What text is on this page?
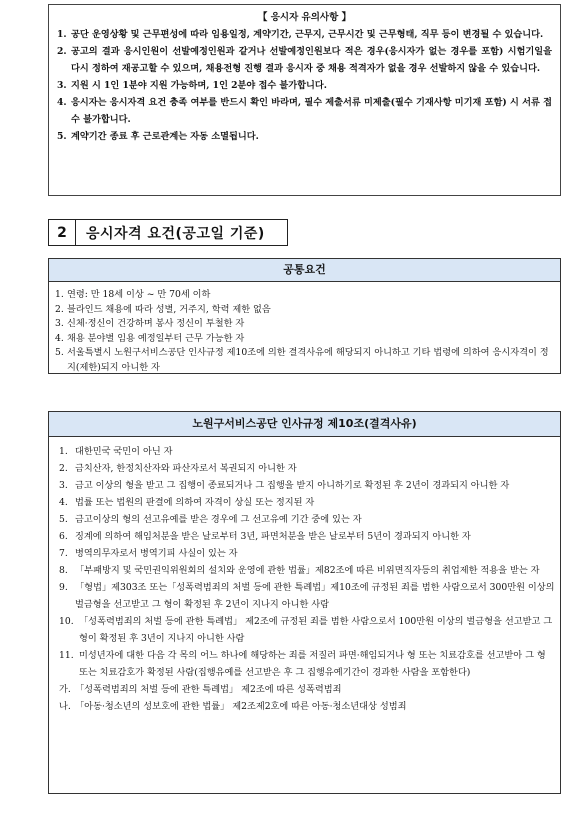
【 응시자 유의사항 】
1. 공단 운영상황 및 근무편성에 따라 임용일정, 계약기간, 근무지, 근무시간 및 근무형태, 직무 등이 변경될 수 있습니다.
2. 공고의 결과 응시인원이 선발예정인원과 같거나 선발예정인원보다 적은 경우(응시자가 없는 경우를 포함) 시험기일을 다시 정하여 재공고할 수 있으며, 채용전형 진행 결과 응시자 중 채용 적격자가 없을 경우 선발하지 않을 수 있습니다.
3. 지원 시 1인 1분야 지원 가능하며, 1인 2분야 접수 불가합니다.
4. 응시자는 응시자격 요건 충족 여부를 반드시 확인 바라며, 필수 제출서류 미제출(필수 기재사항 미기재 포함) 시 서류 접수 불가합니다.
5. 계약기간 종료 후 근로관계는 자동 소멸됩니다.
2	응시자격 요건(공고일 기준)
공통요건
1. 연령: 만 18세 이상 ~ 만 70세 이하
2. 블라인드 채용에 따라 성별, 거주지, 학력 제한 없음
3. 신체·정신이 건강하며 봉사 정신이 투철한 자
4. 채용 분야별 임용 예정일부터 근무 가능한 자
5. 서울특별시 노원구서비스공단 인사규정 제10조에 의한 결격사유에 해당되지 아니하고 기타 법령에 의하여 응시자격이 정지(제한)되지 아니한 자
노원구서비스공단 인사규정 제10조(결격사유)
1. 대한민국 국민이 아닌 자
2. 금치산자, 한정치산자와 파산자로서 복권되지 아니한 자
3. 금고 이상의 형을 받고 그 집행이 종료되거나 그 집행을 받지 아니하기로 확정된 후 2년이 경과되지 아니한 자
4. 법률 또는 법원의 판결에 의하여 자격이 상실 또는 정지된 자
5. 금고이상의 형의 선고유예를 받은 경우에 그 선고유예 기간 중에 있는 자
6. 징계에 의하여 해임처분을 받은 날로부터 3년, 파면처분을 받은 날로부터 5년이 경과되지 아니한 자
7. 병역의무자로서 병역기피 사실이 있는 자
8. 「부패방지 및 국민권익위원회의 설치와 운영에 관한 법률」제82조에 따른 비위면직자등의 취업제한 적용을 받는 자
9. 「형법」제303조 또는「성폭력범죄의 처벌 등에 관한 특례법」제10조에 규정된 죄를 범한 사람으로서 300만원 이상의 벌금형을 선고받고 그 형이 확정된 후 2년이 지나지 아니한 사람
10. 「성폭력범죄의 처벌 등에 관한 특례법」 제2조에 규정된 죄를 범한 사람으로서 100만원 이상의 벌금형을 선고받고 그 형이 확정된 후 3년이 지나지 아니한 사람
11. 미성년자에 대한 다음 각 목의 어느 하나에 해당하는 죄를 저질러 파면·해임되거나 형 또는 치료감호를 선고받아 그 형 또는 치료감호가 확정된 사람(집행유예를 선고받은 후 그 집행유예기간이 경과한 사람을 포함한다)
가. 「성폭력범죄의 처벌 등에 관한 특례법」 제2조에 따른 성폭력범죄
나. 「아동·청소년의 성보호에 관한 법률」 제2조제2호에 따른 아동·청소년대상 성범죄
